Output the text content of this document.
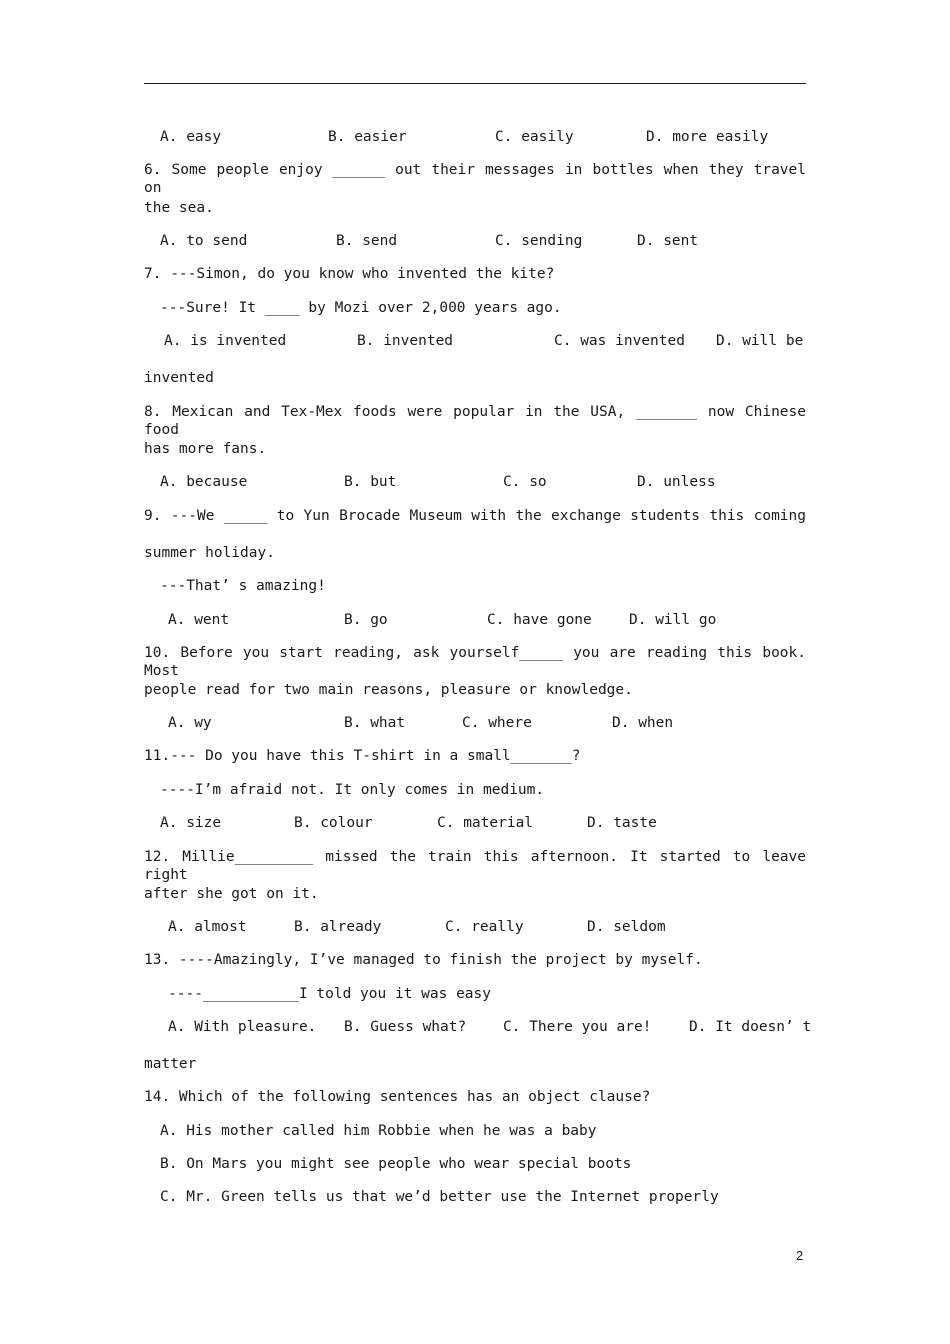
A. easy	B. easier	C. easily	D. more easily
6. Some people enjoy ______ out their messages in bottles when they travel on
the sea.
A. to send	B. send	C. sending	D. sent
7. ---Simon, do you know who invented the kite?
---Sure! It ____ by Mozi over 2,000 years ago.
A. is invented	B. invented	C. was invented D. will be
invented
8. Mexican and Tex-Mex foods were popular in the USA, _______ now Chinese food
has more fans.
A. because	B. but	C. so	D. unless
9. ---We _____ to Yun Brocade Museum with the exchange students this coming
summer holiday.
---That’ s amazing!
A. went	B. go	C. have gone	D. will go
10. Before you start reading, ask yourself_____ you are reading this book. Most
people read for two main reasons, pleasure or knowledge.
A. wy	B. what	C. where	D. when
11.--- Do you have this T-shirt in a small_______?
----I’m afraid not. It only comes in medium.
A. size	B. colour	C. material	D. taste
12. Millie_________ missed the train this afternoon. It started to leave right
after she got on it.
A. almost	B. already	C. really	D. seldom
13. ----Amazingly, I’ve managed to finish the project by myself.
----___________I told you it was easy
A. With pleasure. B. Guess what?	C. There you are!	D. It doesn’ t
matter
14. Which of the following sentences has an object clause?
A. His mother called him Robbie when he was a baby
B. On Mars you might see people who wear special boots
C. Mr. Green tells us that we’d better use the Internet properly
2
